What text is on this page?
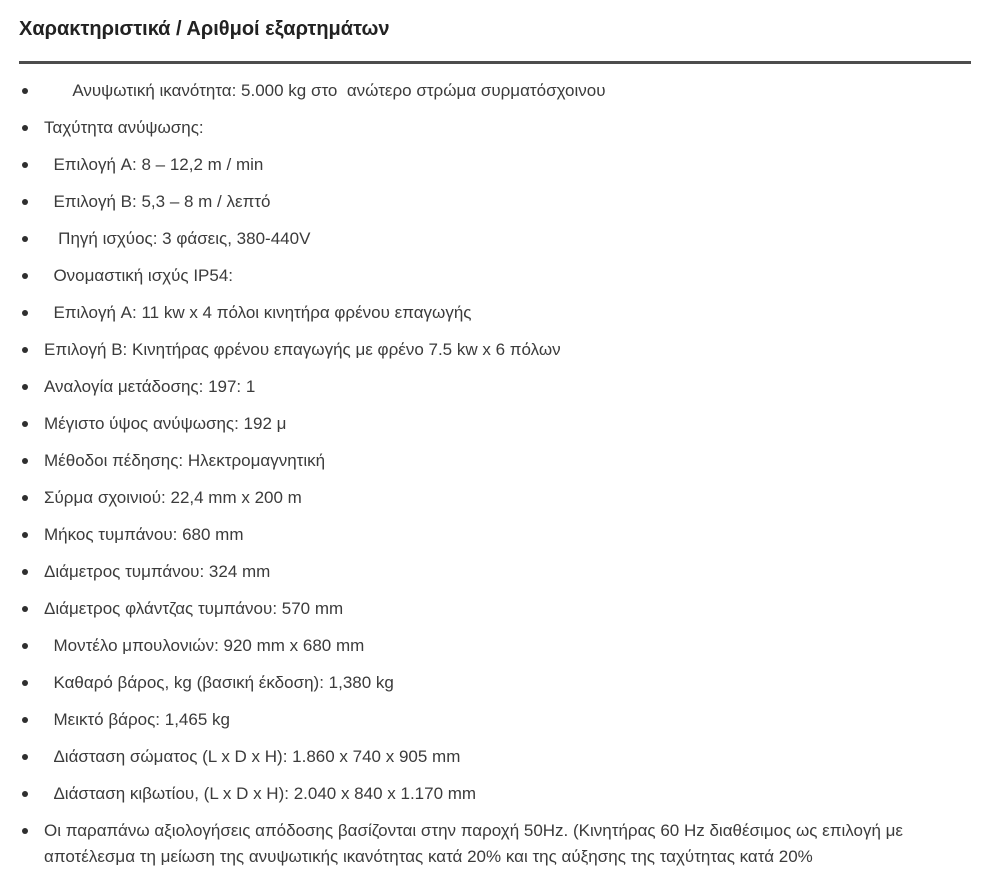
Χαρακτηριστικά / Αριθμοί εξαρτημάτων
Ανυψωτική ικανότητα: 5.000 kg στο  ανώτερο στρώμα συρματόσχοινου
Ταχύτητα ανύψωσης:
Επιλογή A: 8 – 12,2 m / min
Επιλογή B: 5,3 – 8 m / λεπτό
Πηγή ισχύος: 3 φάσεις, 380-440V
Ονομαστική ισχύς IP54:
Επιλογή A: 11 kw x 4 πόλοι κινητήρα φρένου επαγωγής
Επιλογή B: Κινητήρας φρένου επαγωγής με φρένο 7.5 kw x 6 πόλων
Αναλογία μετάδοσης: 197: 1
Μέγιστο ύψος ανύψωσης: 192 μ
Μέθοδοι πέδησης: Ηλεκτρομαγνητική
Σύρμα σχοινιού: 22,4 mm x 200 m
Μήκος τυμπάνου: 680 mm
Διάμετρος τυμπάνου: 324 mm
Διάμετρος φλάντζας τυμπάνου: 570 mm
Μοντέλο μπουλονιών: 920 mm x 680 mm
Καθαρό βάρος, kg (βασική έκδοση): 1,380 kg
Μεικτό βάρος: 1,465 kg
Διάσταση σώματος (L x D x H): 1.860 x 740 x 905 mm
Διάσταση κιβωτίου, (L x D x H): 2.040 x 840 x 1.170 mm
Οι παραπάνω αξιολογήσεις απόδοσης βασίζονται στην παροχή 50Hz. (Κινητήρας 60 Hz διαθέσιμος ως επιλογή με αποτέλεσμα τη μείωση της ανυψωτικής ικανότητας κατά 20% και της αύξησης της ταχύτητας κατά 20%
